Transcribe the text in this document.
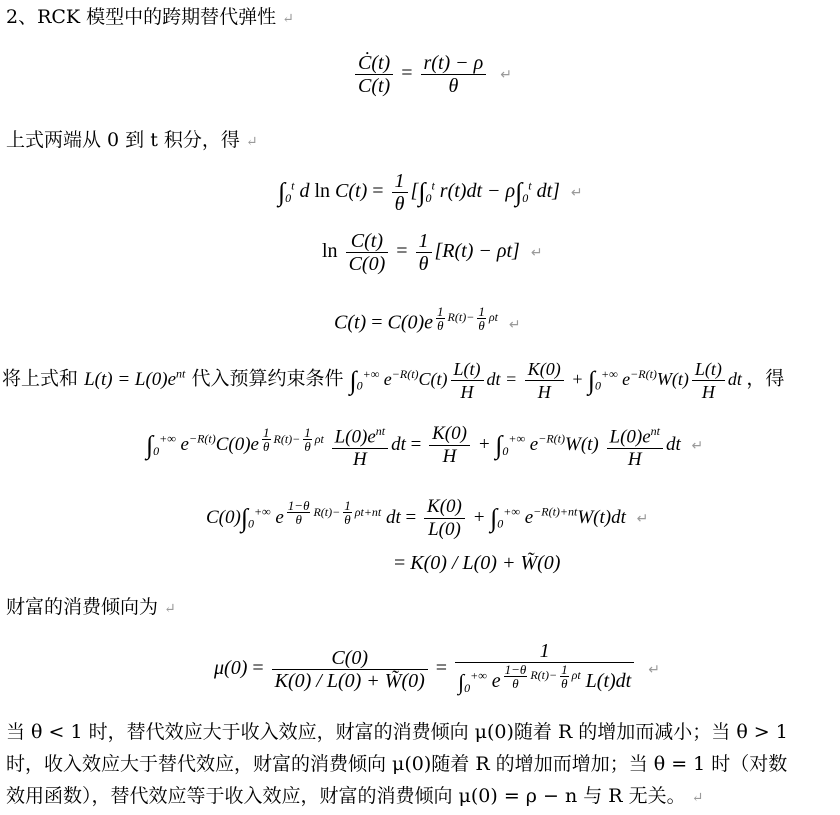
2、RCK 模型中的跨期替代弹性 ↵
$\frac{Ċ(t)}{C(t)} = \frac{r(t) - \rho}{\theta}$ ↵
上式两端从 0 到 t 积分，得 ↵
$\int_0^t$ d $\ln C(t) = \frac{1}{\theta} [\int_0^t$ $r(t)dt - \rho\int_0^t$ dt] ↵
$\ln \frac{C(t)}{C(0)} = \frac{1}{\theta} [R(t) - \rho t]$ ↵
C(t) = C(0)e $^{\frac{1}{\theta} R(t)- \frac{1}{\theta} \rho t}$ ↵
将上式和 $L(t) = L(0)e^{nt}$ 代入预算约束条件 $\int_0^{+\infty}$ $e^{-R(t)}C(t) \frac{L(t)}{H}$ dt = $\frac{K(0)}{H} + \int_0^{+\infty}$ $e^{-R(t)}W(t) \frac{L(t)}{H}$ dt ，得
$\int_0^{+\infty}$ $e^{-R(t)}C(0)e$ $^{\frac{1}{\theta} R(t)- \frac{1}{\theta} \rho t} \frac{L(0)e^{nt}}{H}$ dt = $\frac{K(0)}{H} + \int_0^{+\infty}$ $e^{-R(t)}W(t) \frac{L(0)e^{nt}}{H}$ dt ↵
$C(0)\int_0^{+\infty}$ e $^{\frac{1-\theta}{\theta} R(t)- \frac{1}{\theta} \rho t+nt}$ dt = $\frac{K(0)}{L(0)} + \int_0^{+\infty}$ $e^{-R(t)+nt}W(t)dt$ ↵
= K(0) / L(0) + W̃(0)
财富的消费倾向为 ↵
$\mu(0) = \frac{C(0)}{K(0) / L(0) + W̃(0)} = 1$
$\int_0^{+\infty}$ e $^{\frac{1-\theta}{\theta} R(t)- \frac{1}{\theta} \rho t}$ L(t)dt ↵
当 θ < 1 时，替代效应大于收入效应，财富的消费倾向 μ(0)随着 R 的增加而减小；当 θ > 1
时，收入效应大于替代效应，财富的消费倾向 μ(0)随着 R 的增加而增加；当 θ = 1 时（对数
效用函数），替代效应等于收入效应，财富的消费倾向 μ(0) = ρ − n 与 R 无关。 ↵
